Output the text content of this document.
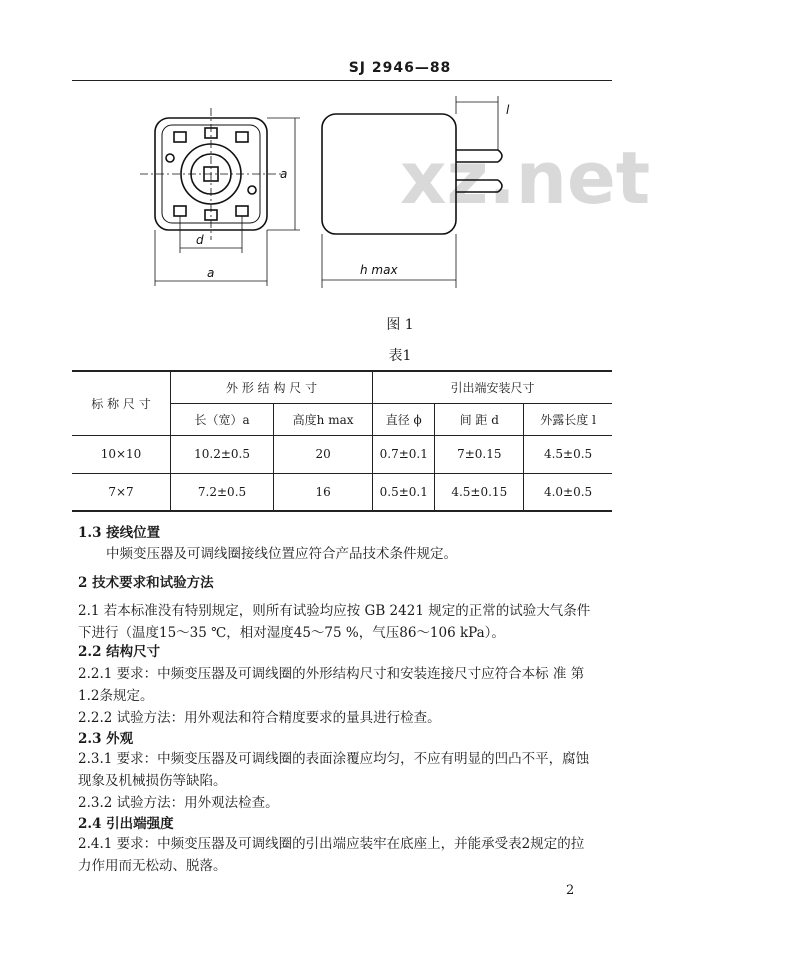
SJ 2946—88
xz.net
d
a
a
l
h max
图 1
表1
标 称 尺 寸	外 形 结 构 尺 寸		引出端安装尺寸		
	长（宽）a	高度h max	直径 ϕ	间 距 d	外露长度 l
10×10	10.2±0.5	20	0.7±0.1	7±0.15	4.5±0.5
7×7	7.2±0.5	16	0.5±0.1	4.5±0.15	4.0±0.5
1.3 接线位置
中频变压器及可调线圈接线位置应符合产品技术条件规定。
2 技术要求和试验方法
2.1 若本标准没有特别规定，则所有试验均应按 GB 2421 规定的正常的试验大气条件
下进行（温度15～35 ℃，相对湿度45～75 %，气压86～106 kPa）。
2.2 结构尺寸
2.2.1 要求：中频变压器及可调线圈的外形结构尺寸和安装连接尺寸应符合本标 准 第
1.2条规定。
2.2.2 试验方法：用外观法和符合精度要求的量具进行检查。
2.3 外观
2.3.1 要求：中频变压器及可调线圈的表面涂覆应均匀，不应有明显的凹凸不平，腐蚀
现象及机械损伤等缺陷。
2.3.2 试验方法：用外观法检查。
2.4 引出端强度
2.4.1 要求：中频变压器及可调线圈的引出端应装牢在底座上，并能承受表2规定的拉
力作用而无松动、脱落。
2
